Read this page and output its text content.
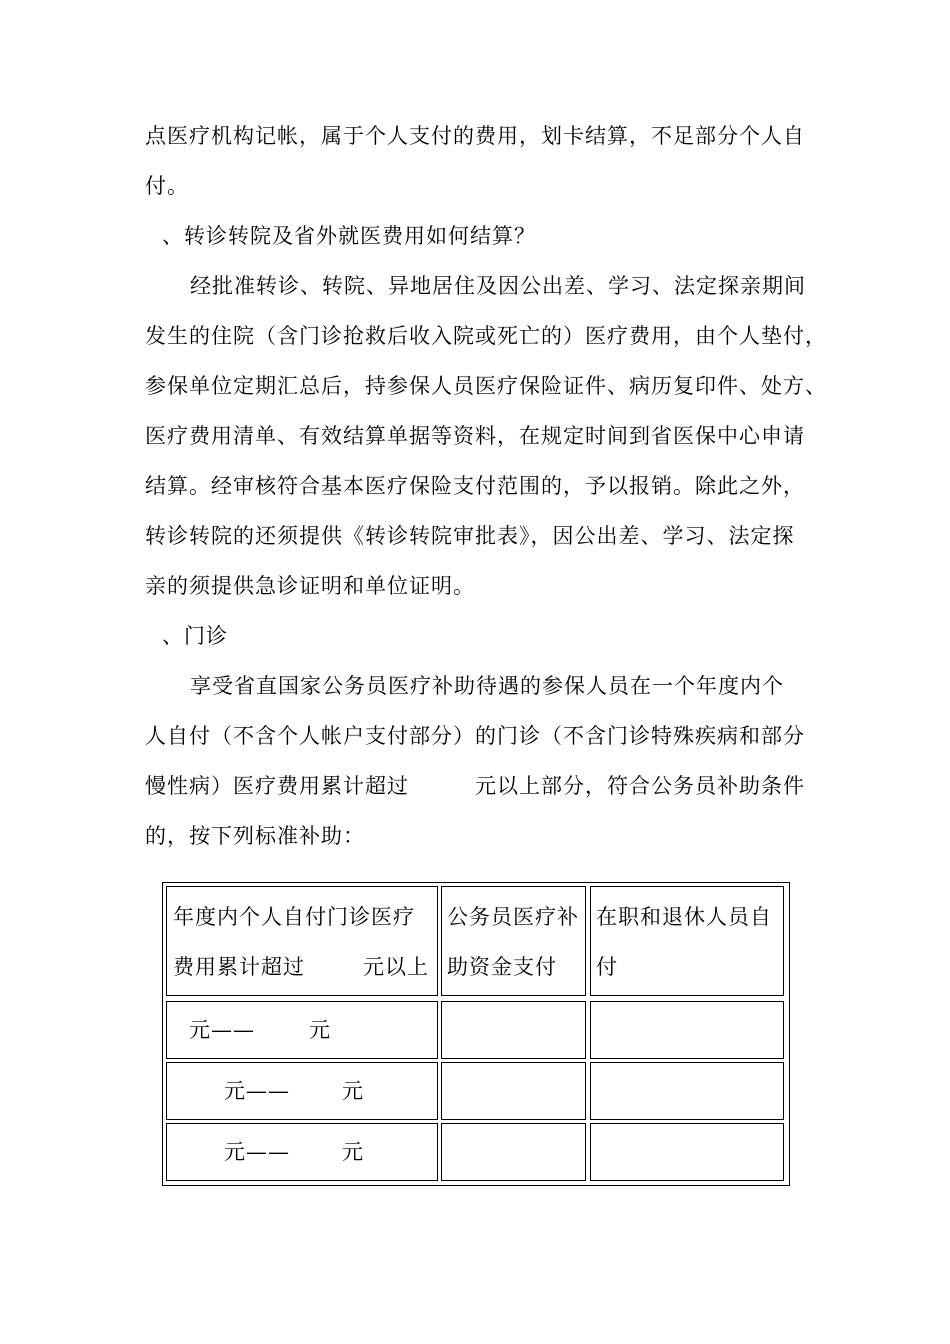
点医疗机构记帐，属于个人支付的费用，划卡结算，不足部分个人自
付。
、转诊转院及省外就医费用如何结算？
经批准转诊、转院、异地居住及因公出差、学习、法定探亲期间
发生的住院（含门诊抢救后收入院或死亡的）医疗费用，由个人垫付，
参保单位定期汇总后，持参保人员医疗保险证件、病历复印件、处方、
医疗费用清单、有效结算单据等资料，在规定时间到省医保中心申请
结算。经审核符合基本医疗保险支付范围的，予以报销。除此之外，
转诊转院的还须提供《转诊转院审批表》，因公出差、学习、法定探
亲的须提供急诊证明和单位证明。
、门诊
享受省直国家公务员医疗补助待遇的参保人员在一个年度内个
人自付（不含个人帐户支付部分）的门诊（不含门诊特殊疾病和部分
慢性病）医疗费用累计超过　　　元以上部分，符合公务员补助条件
的，按下列标准补助：
年度内个人自付门诊医疗
费用累计超过	元以上
公务员医疗补
助资金支付
在职和退休人员自
付
元——	元
元—— 元
元—— 元
